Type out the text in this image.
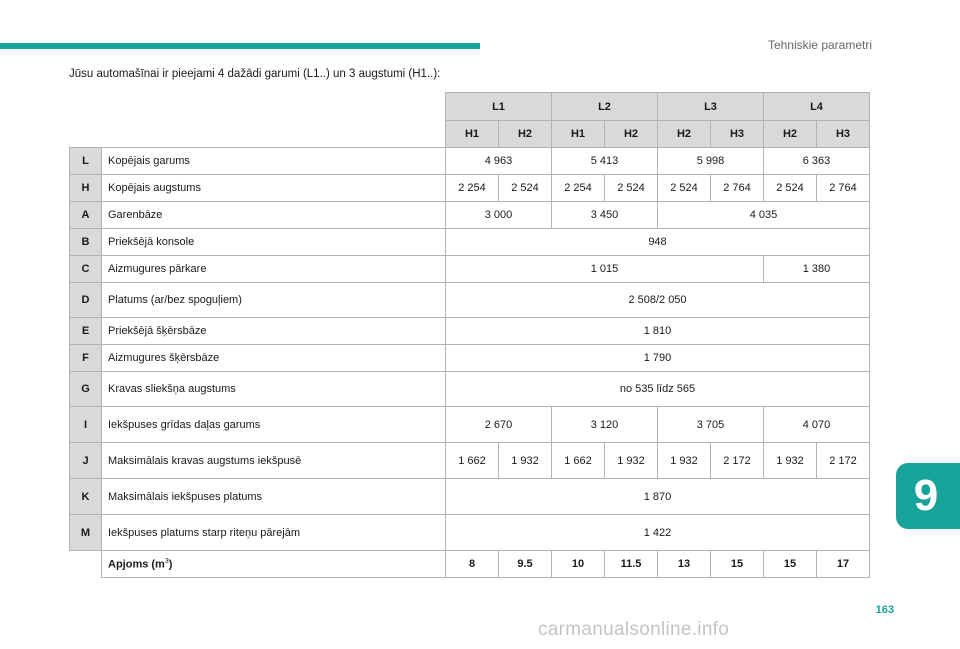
Tehniskie parametri
Jūsu automašīnai ir pieejami 4 dažādi garumi (L1..) un 3 augstumi (H1..):
		L1		L2		L3		L4	
		H1	H2	H1	H2	H2	H3	H2	H3
L	Kopējais garums	4 963		5 413		5 998		6 363	
H	Kopējais augstums	2 254	2 524	2 254	2 524	2 524	2 764	2 524	2 764
A	Garenbāze	3 000		3 450		4 035			
B	Priekšējā konsole	948							
C	Aizmugures pārkare	1 015						1 380	
D	Platums (ar/bez spoguļiem)	2 508/2 050							
E	Priekšējā šķērsbāze	1 810							
F	Aizmugures šķērsbāze	1 790							
G	Kravas sliekšņa augstums	no 535 līdz 565							
I	Iekšpuses grīdas daļas garums	2 670		3 120		3 705		4 070	
J	Maksimālais kravas augstums iekšpusē	1 662	1 932	1 662	1 932	1 932	2 172	1 932	2 172
K	Maksimālais iekšpuses platums	1 870							
M	Iekšpuses platums starp riteņu pārejām	1 422							
	Apjoms $(m^3)$	8	9.5	10	11.5	13	15	15	17
9
163
carmanualsonline.info
